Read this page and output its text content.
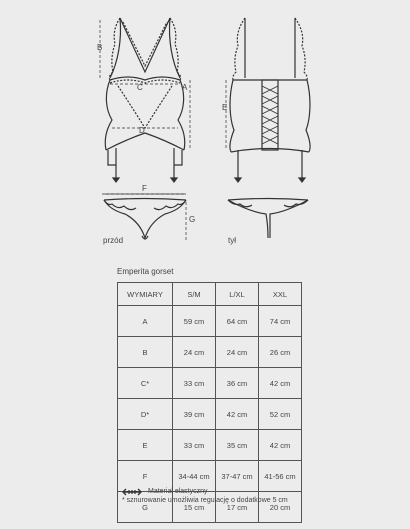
B
C	A
D
E
F
G
przód	tył
Emperita gorset
WYMIARY	S/M	L/XL	XXL
A	59 cm	64 cm	74 cm
B	24 cm	24 cm	26 cm
C*	33 cm	36 cm	42 cm
D*	39 cm	42 cm	52 cm
E	33 cm	35 cm	42 cm
F	34-44 cm	37-47 cm	41-56 cm
G	15 cm	17 cm	20 cm
Materiał elastyczny
* sznurowanie umożliwia regulację o dodatkowe 5 cm
